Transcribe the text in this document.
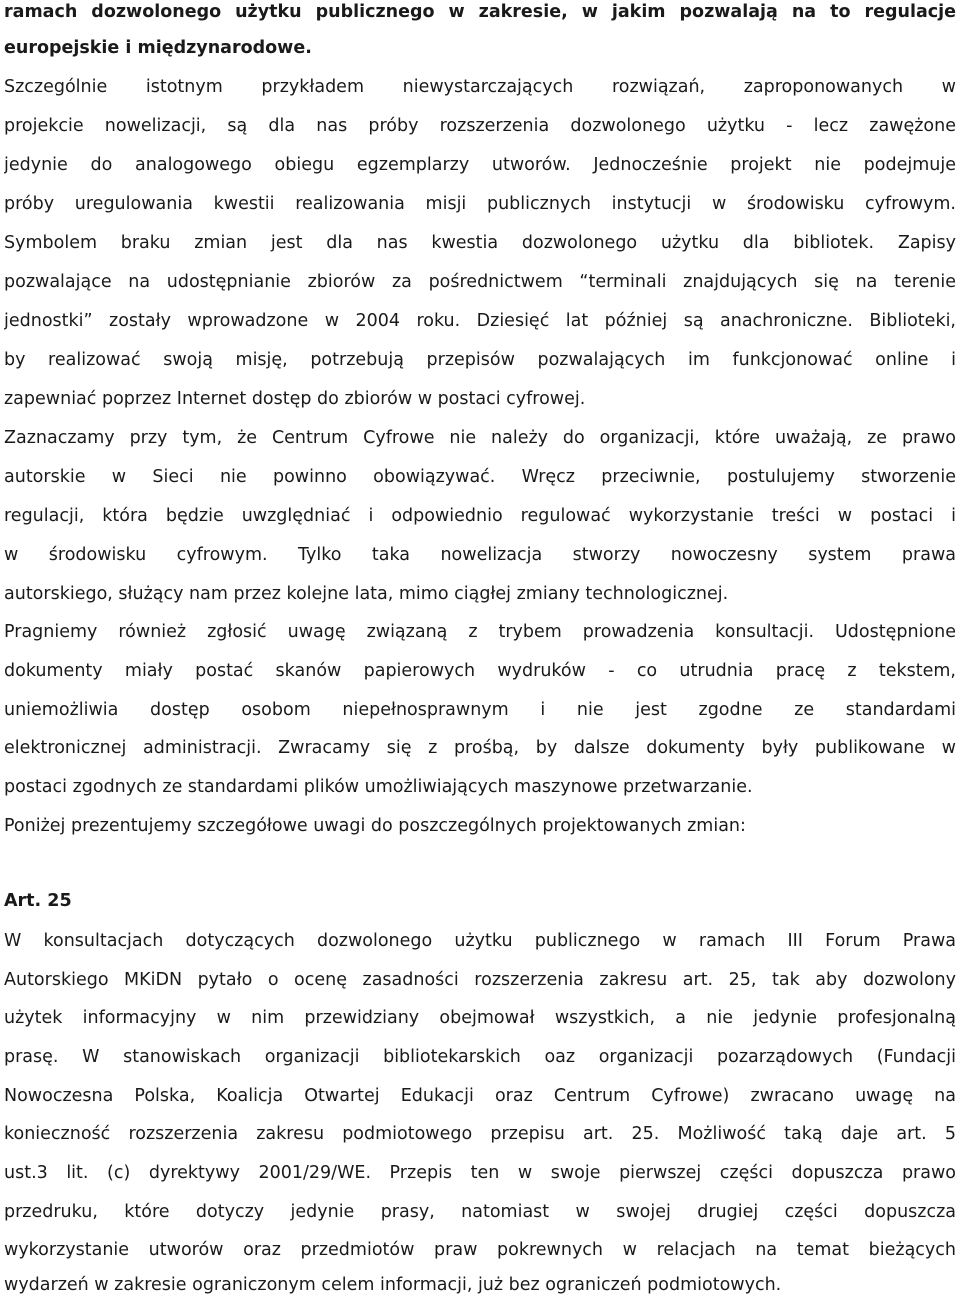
ramach dozwolonego użytku publicznego w zakresie, w jakim pozwalają na to regulacje
europejskie i międzynarodowe.
Szczególnie istotnym przykładem niewystarczających rozwiązań, zaproponowanych w
projekcie nowelizacji, są dla nas próby rozszerzenia dozwolonego użytku - lecz zawężone
jedynie do analogowego obiegu egzemplarzy utworów. Jednocześnie projekt nie podejmuje
próby uregulowania kwestii realizowania misji publicznych instytucji w środowisku cyfrowym.
Symbolem braku zmian jest dla nas kwestia dozwolonego użytku dla bibliotek. Zapisy
pozwalające na udostępnianie zbiorów za pośrednictwem “terminali znajdujących się na terenie
jednostki” zostały wprowadzone w 2004 roku. Dziesięć lat później są anachroniczne. Biblioteki,
by realizować swoją misję, potrzebują przepisów pozwalających im funkcjonować online i
zapewniać poprzez Internet dostęp do zbiorów w postaci cyfrowej.
Zaznaczamy przy tym, że Centrum Cyfrowe nie należy do organizacji, które uważają, ze prawo
autorskie w Sieci nie powinno obowiązywać. Wręcz przeciwnie, postulujemy stworzenie
regulacji, która będzie uwzględniać i odpowiednio regulować wykorzystanie treści w postaci i
w środowisku cyfrowym. Tylko taka nowelizacja stworzy nowoczesny system prawa
autorskiego, służący nam przez kolejne lata, mimo ciągłej zmiany technologicznej.
Pragniemy również zgłosić uwagę związaną z trybem prowadzenia konsultacji. Udostępnione
dokumenty miały postać skanów papierowych wydruków - co utrudnia pracę z tekstem,
uniemożliwia dostęp osobom niepełnosprawnym i nie jest zgodne ze standardami
elektronicznej administracji. Zwracamy się z prośbą, by dalsze dokumenty były publikowane w
postaci zgodnych ze standardami plików umożliwiających maszynowe przetwarzanie.
Poniżej prezentujemy szczegółowe uwagi do poszczególnych projektowanych zmian:
Art. 25
W konsultacjach dotyczących dozwolonego użytku publicznego w ramach III Forum Prawa
Autorskiego MKiDN pytało o ocenę zasadności rozszerzenia zakresu art. 25, tak aby dozwolony
użytek informacyjny w nim przewidziany obejmował wszystkich, a nie jedynie profesjonalną
prasę. W stanowiskach organizacji bibliotekarskich oaz organizacji pozarządowych (Fundacji
Nowoczesna Polska, Koalicja Otwartej Edukacji oraz Centrum Cyfrowe) zwracano uwagę na
konieczność rozszerzenia zakresu podmiotowego przepisu art. 25. Możliwość taką daje art. 5
ust.3 lit. (c) dyrektywy 2001/29/WE. Przepis ten w swoje pierwszej części dopuszcza prawo
przedruku, które dotyczy jedynie prasy, natomiast w swojej drugiej części dopuszcza
wykorzystanie utworów oraz przedmiotów praw pokrewnych w relacjach na temat bieżących
wydarzeń w zakresie ograniczonym celem informacji, już bez ograniczeń podmiotowych.
